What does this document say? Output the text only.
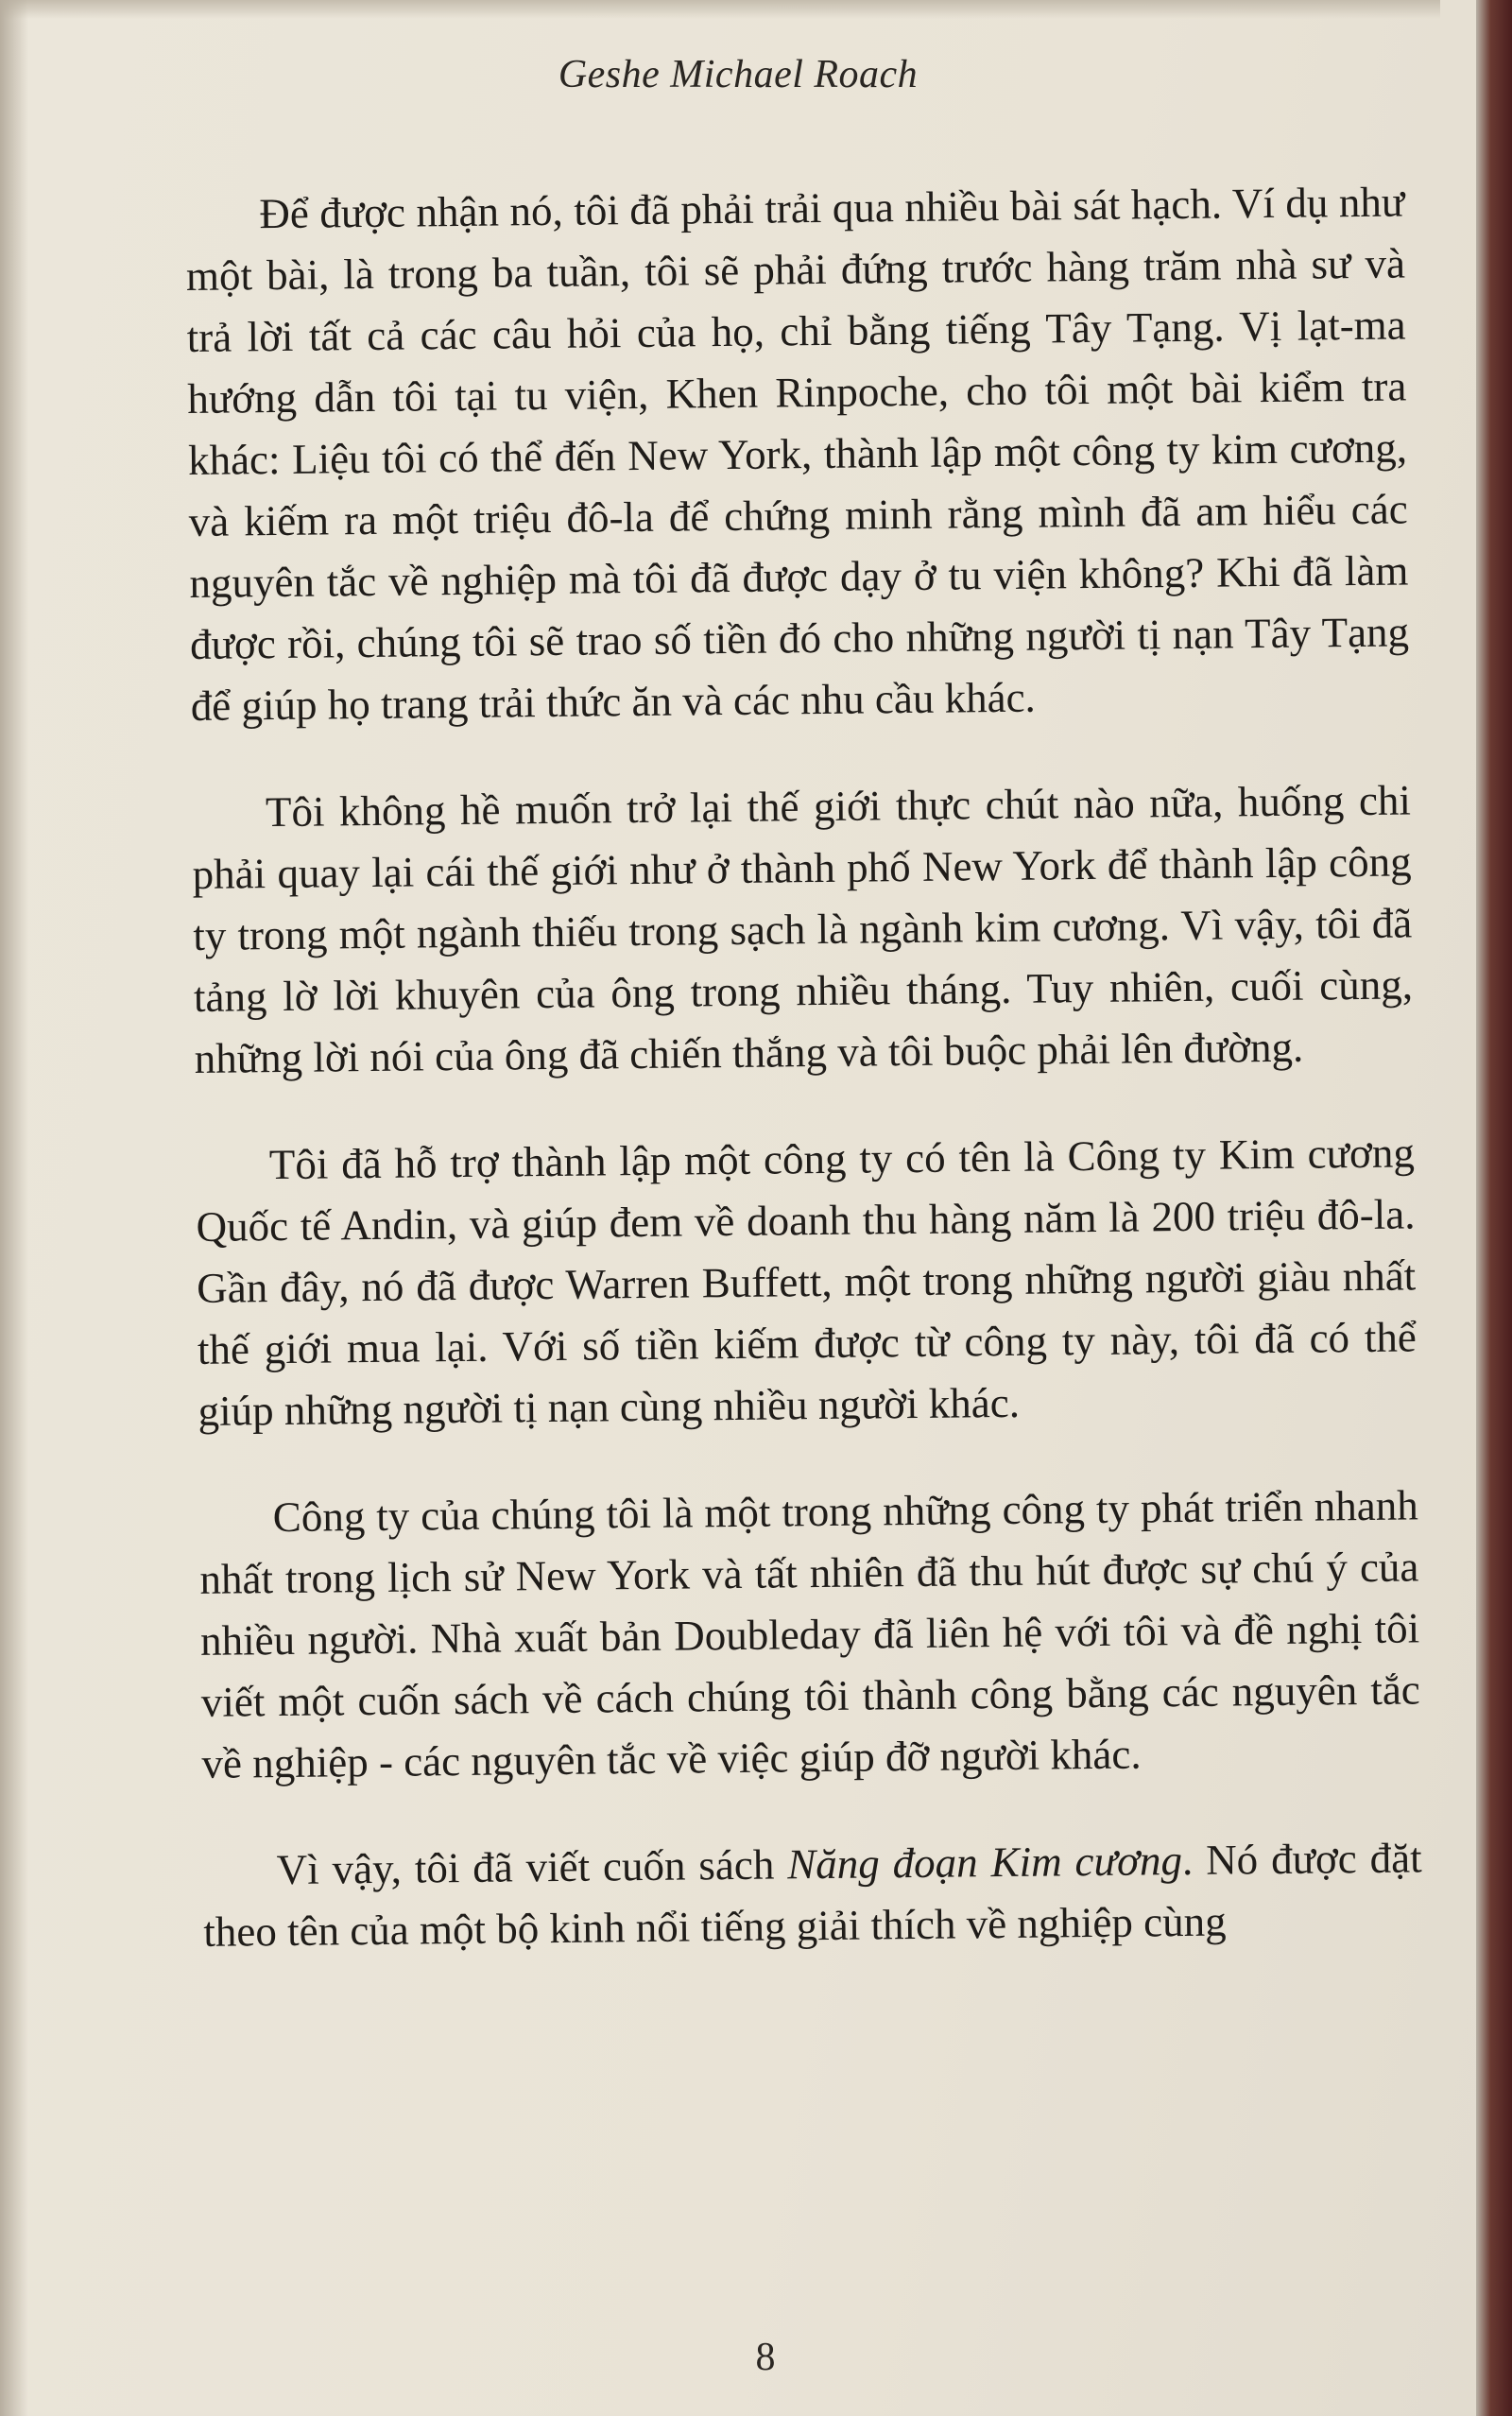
Geshe Michael Roach

Để được nhận nó, tôi đã phải trải qua nhiều bài sát hạch. Ví dụ như một bài, là trong ba tuần, tôi sẽ phải đứng trước hàng trăm nhà sư và trả lời tất cả các câu hỏi của họ, chỉ bằng tiếng Tây Tạng. Vị lạt-ma hướng dẫn tôi tại tu viện, Khen Rinpoche, cho tôi một bài kiểm tra khác: Liệu tôi có thể đến New York, thành lập một công ty kim cương, và kiếm ra một triệu đô-la để chứng minh rằng mình đã am hiểu các nguyên tắc về nghiệp mà tôi đã được dạy ở tu viện không? Khi đã làm được rồi, chúng tôi sẽ trao số tiền đó cho những người tị nạn Tây Tạng để giúp họ trang trải thức ăn và các nhu cầu khác.

Tôi không hề muốn trở lại thế giới thực chút nào nữa, huống chi phải quay lại cái thế giới như ở thành phố New York để thành lập công ty trong một ngành thiếu trong sạch là ngành kim cương. Vì vậy, tôi đã tảng lờ lời khuyên của ông trong nhiều tháng. Tuy nhiên, cuối cùng, những lời nói của ông đã chiến thắng và tôi buộc phải lên đường.

Tôi đã hỗ trợ thành lập một công ty có tên là Công ty Kim cương Quốc tế Andin, và giúp đem về doanh thu hàng năm là 200 triệu đô-la. Gần đây, nó đã được Warren Buffett, một trong những người giàu nhất thế giới mua lại. Với số tiền kiếm được từ công ty này, tôi đã có thể giúp những người tị nạn cùng nhiều người khác.

Công ty của chúng tôi là một trong những công ty phát triển nhanh nhất trong lịch sử New York và tất nhiên đã thu hút được sự chú ý của nhiều người. Nhà xuất bản Doubleday đã liên hệ với tôi và đề nghị tôi viết một cuốn sách về cách chúng tôi thành công bằng các nguyên tắc về nghiệp - các nguyên tắc về việc giúp đỡ người khác.

Vì vậy, tôi đã viết cuốn sách Năng đoạn Kim cương. Nó được đặt theo tên của một bộ kinh nổi tiếng giải thích về nghiệp cùng

8
